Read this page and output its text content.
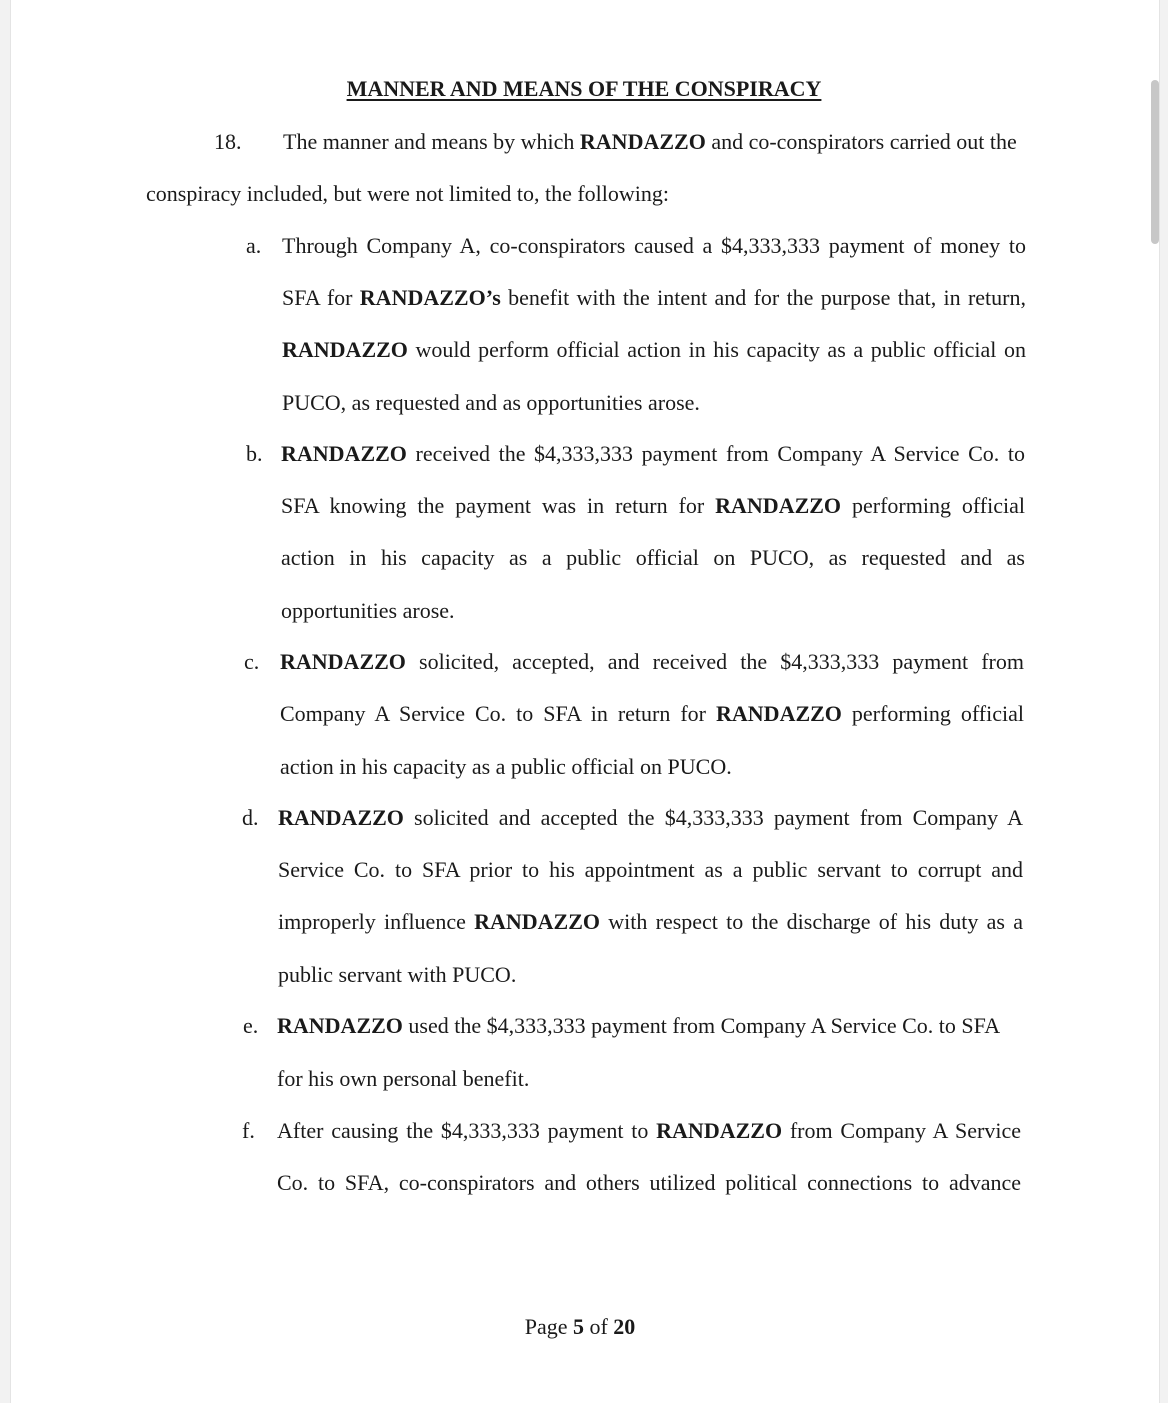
MANNER AND MEANS OF THE CONSPIRACY
18. The manner and means by which RANDAZZO and co-conspirators carried out the
conspiracy included, but were not limited to, the following:
a. Through Company A, co-conspirators caused a $4,333,333 payment of money to
SFA for RANDAZZO’s benefit with the intent and for the purpose that, in return,
RANDAZZO would perform official action in his capacity as a public official on
PUCO, as requested and as opportunities arose.
b. RANDAZZO received the $4,333,333 payment from Company A Service Co. to
SFA knowing the payment was in return for RANDAZZO performing official
action in his capacity as a public official on PUCO, as requested and as
opportunities arose.
c. RANDAZZO solicited, accepted, and received the $4,333,333 payment from
Company A Service Co. to SFA in return for RANDAZZO performing official
action in his capacity as a public official on PUCO.
d. RANDAZZO solicited and accepted the $4,333,333 payment from Company A
Service Co. to SFA prior to his appointment as a public servant to corrupt and
improperly influence RANDAZZO with respect to the discharge of his duty as a
public servant with PUCO.
e. RANDAZZO used the $4,333,333 payment from Company A Service Co. to SFA
for his own personal benefit.
f. After causing the $4,333,333 payment to RANDAZZO from Company A Service
Co. to SFA, co-conspirators and others utilized political connections to advance
Page 5 of 20
